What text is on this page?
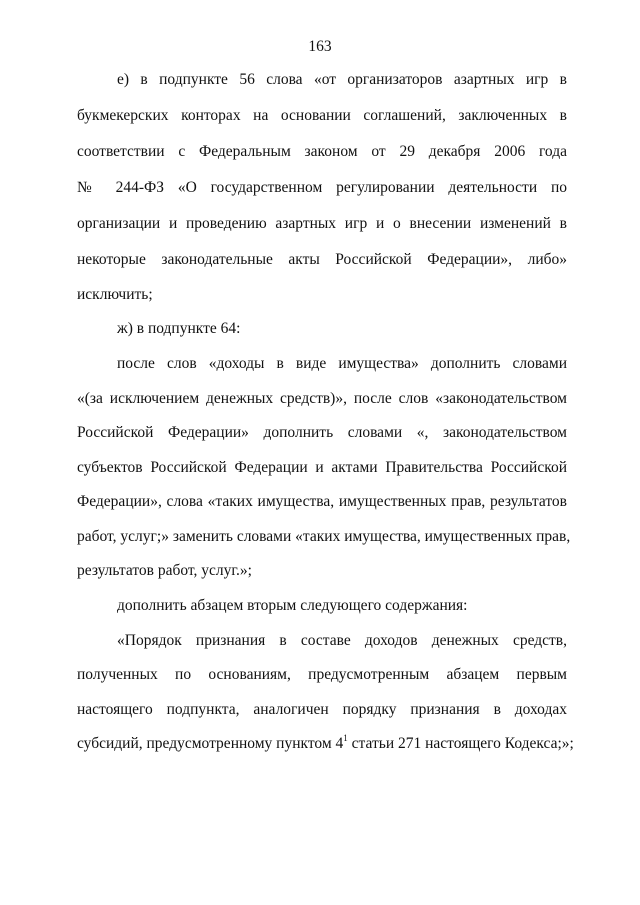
163
е) в подпункте 56 слова «от организаторов азартных игр в
букмекерских конторах на основании соглашений, заключенных в
соответствии с Федеральным законом от 29 декабря 2006 года
№ 244-ФЗ «О государственном регулировании деятельности по
организации и проведению азартных игр и о внесении изменений в
некоторые законодательные акты Российской Федерации», либо»
исключить;
ж) в подпункте 64:
после слов «доходы в виде имущества» дополнить словами
«(за исключением денежных средств)», после слов «законодательством
Российской Федерации» дополнить словами «, законодательством
субъектов Российской Федерации и актами Правительства Российской
Федерации», слова «таких имущества, имущественных прав, результатов
работ, услуг;» заменить словами «таких имущества, имущественных прав,
результатов работ, услуг.»;
дополнить абзацем вторым следующего содержания:
«Порядок признания в составе доходов денежных средств,
полученных по основаниям, предусмотренным абзацем первым
настоящего подпункта, аналогичен порядку признания в доходах
субсидий, предусмотренному пунктом $4^1$ статьи 271 настоящего Кодекса;»;
